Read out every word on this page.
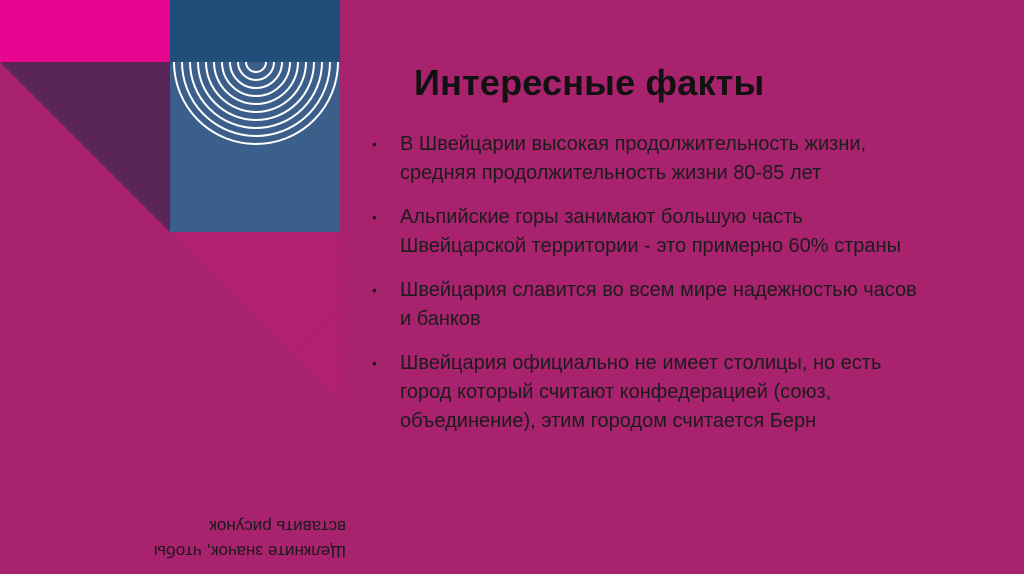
Интересные факты
• В Швейцарии высокая продолжительность жизни, средняя продолжительность жизни 80-85 лет
• Альпийские горы занимают большую часть Швейцарской территории - это примерно 60% страны
• Швейцария славится во всем мире надежностью часов и банков
• Швейцария официально не имеет столицы, но есть город который считают конфедерацией (союз, объединение), этим городом считается Берн
Щелкните значок, чтобы вставить рисунок
